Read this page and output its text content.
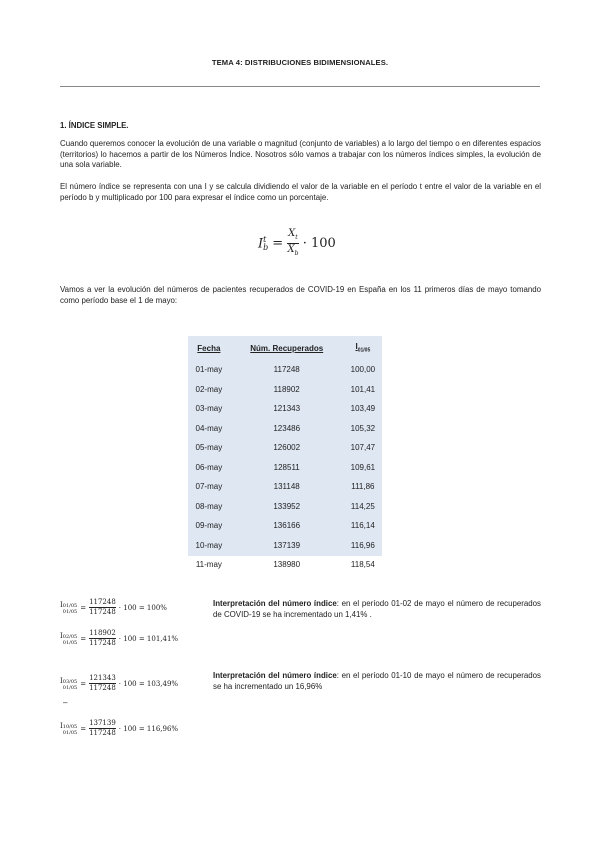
TEMA 4: DISTRIBUCIONES BIDIMENSIONALES.
1. ÍNDICE SIMPLE.

Cuando queremos conocer la evolución de una variable o magnitud (conjunto de variables) a lo largo del tiempo o en diferentes espacios (territorios) lo hacemos a partir de los Números Índice. Nosotros sólo vamos a trabajar con los números índices simples, la evolución de una sola variable.

El número índice se representa con una I y se calcula dividiendo el valor de la variable en el período t entre el valor de la variable en el período b y multiplicado por 100 para expresar el índice como un porcentaje.

I t
$b = \frac{X_t}{X_b} \cdot 100$

Vamos a ver la evolución del números de pacientes recuperados de COVID-19 en España en los 11 primeros días de mayo tomando como período base el 1 de mayo:

Fecha	Núm. Recuperados	$I_{01/05}$
01-may	117248	100,00
02-may	118902	101,41
03-may	121343	103,49
04-may	123486	105,32
05-may	126002	107,47
06-may	128511	109,61
07-may	131148	111,86
08-may	133952	114,25
09-may	136166	116,14
10-may	137139	116,96
11-may	138980	118,54
I 01/05
$01/05 = \frac{117248}{117248} \cdot 100 = 100\%$
I 02/05
$01/05 = \frac{118902}{117248} \cdot 100 = 101,41\%$
I 03/05
$01/05 = \frac{121343}{117248} \cdot 100 = 103,49\%$
–
I 10/05
$01/05 = \frac{137139}{117248} \cdot 100 = 116,96\%$

Interpretación del número índice: en el período 01-02 de mayo el número de recuperados de COVID-19 se ha incrementado un 1,41% .

Interpretación del número índice: en el período 01-10 de mayo el número de recuperados se ha incrementado un 16,96%
